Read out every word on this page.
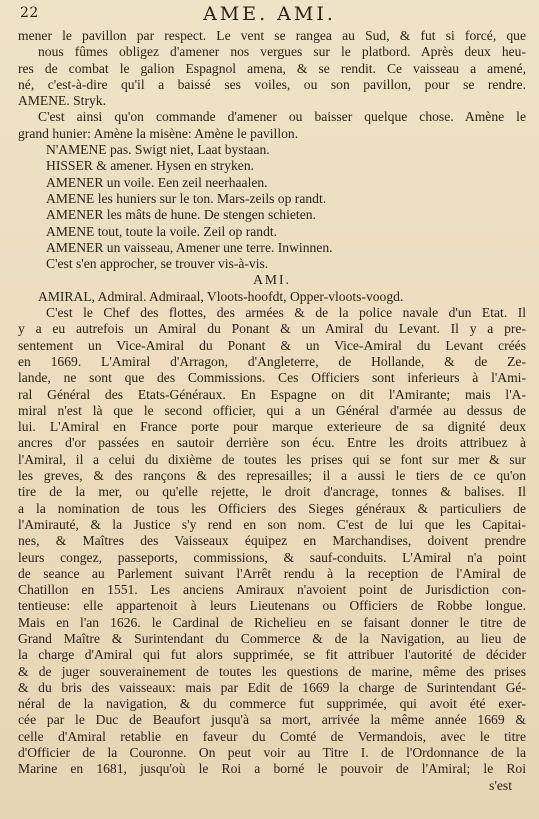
22	AME. AMI.
mener le pavillon par respect. Le vent se rangea au Sud, & fut si forcé, que
nous fûmes obligez d'amener nos vergues sur le platbord. Après deux heu-
res de combat le galion Espagnol amena, & se rendit. Ce vaisseau a amené,
né, c'est-à-dire qu'il a baissé ses voiles, ou son pavillon, pour se rendre.
AMENE. Stryk.
C'est ainsi qu'on commande d'amener ou baisser quelque chose. Amène le
grand hunier: Amène la misène: Amène le pavillon.
N'AMENE pas. Swigt niet, Laat bystaan.
HISSER & amener. Hysen en stryken.
AMENER un voile. Een zeil neerhaalen.
AMENE les huniers sur le ton. Mars-zeils op randt.
AMENER les mâts de hune. De stengen schieten.
AMENE tout, toute la voile. Zeil op randt.
AMENER un vaisseau, Amener une terre. Inwinnen.
C'est s'en approcher, se trouver vis-à-vis.
AMI.
AMIRAL, Admiral. Admiraal, Vloots-hoofdt, Opper-vloots-voogd.
C'est le Chef des flottes, des armées & de la police navale d'un Etat. Il
y a eu autrefois un Amiral du Ponant & un Amiral du Levant. Il y a pre-
sentement un Vice-Amiral du Ponant & un Vice-Amiral du Levant créés
en 1669. L'Amiral d'Arragon, d'Angleterre, de Hollande, & de Ze-
lande, ne sont que des Commissions. Ces Officiers sont inferieurs à l'Ami-
ral Général des Etats-Généraux. En Espagne on dit l'Amirante; mais l'A-
miral n'est là que le second officier, qui a un Général d'armée au dessus de
lui. L'Amiral en France porte pour marque exterieure de sa dignité deux
ancres d'or passées en sautoir derrière son écu. Entre les droits attribuez à
l'Amiral, il a celui du dixième de toutes les prises qui se font sur mer & sur
les greves, & des rançons & des represailles; il a aussi le tiers de ce qu'on
tire de la mer, ou qu'elle rejette, le droit d'ancrage, tonnes & balises. Il
a la nomination de tous les Officiers des Sieges généraux & particuliers de
l'Amirauté, & la Justice s'y rend en son nom. C'est de lui que les Capitai-
nes, & Maîtres des Vaisseaux équipez en Marchandises, doivent prendre
leurs congez, passeports, commissions, & sauf-conduits. L'Amiral n'a point
de seance au Parlement suivant l'Arrêt rendu à la reception de l'Amiral de
Chatillon en 1551. Les anciens Amiraux n'avoient point de Jurisdiction con-
tentieuse: elle appartenoit à leurs Lieutenans ou Officiers de Robbe longue.
Mais en l'an 1626. le Cardinal de Richelieu en se faisant donner le titre de
Grand Maître & Surintendant du Commerce & de la Navigation, au lieu de
la charge d'Amiral qui fut alors supprimée, se fit attribuer l'autorité de décider
& de juger souverainement de toutes les questions de marine, même des prises
& du bris des vaisseaux: mais par Edit de 1669 la charge de Surintendant Gé-
néral de la navigation, & du commerce fut supprimée, qui avoit été exer-
cée par le Duc de Beaufort jusqu'à sa mort, arrivée la même année 1669 &
celle d'Amiral retablie en faveur du Comté de Vermandois, avec le titre
d'Officier de la Couronne. On peut voir au Titre I. de l'Ordonnance de la
Marine en 1681, jusqu'où le Roi a borné le pouvoir de l'Amiral; le Roi
s'est
